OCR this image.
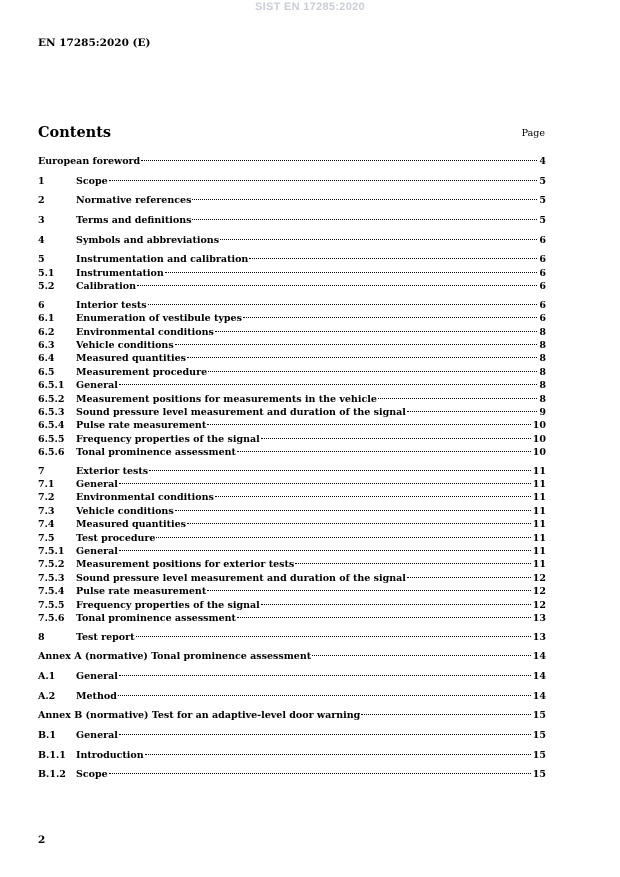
SIST EN 17285:2020
EN 17285:2020 (E)
Contents	Page
European foreword	4
1	Scope	5
2	Normative references	5
3	Terms and definitions	5
4	Symbols and abbreviations	6
5	Instrumentation and calibration	6
5.1	Instrumentation	6
5.2	Calibration	6
6	Interior tests	6
6.1	Enumeration of vestibule types	6
6.2	Environmental conditions	8
6.3	Vehicle conditions	8
6.4	Measured quantities	8
6.5	Measurement procedure	8
6.5.1	General	8
6.5.2	Measurement positions for measurements in the vehicle	8
6.5.3	Sound pressure level measurement and duration of the signal	9
6.5.4	Pulse rate measurement	10
6.5.5	Frequency properties of the signal	10
6.5.6	Tonal prominence assessment	10
7	Exterior tests	11
7.1	General	11
7.2	Environmental conditions	11
7.3	Vehicle conditions	11
7.4	Measured quantities	11
7.5	Test procedure	11
7.5.1	General	11
7.5.2	Measurement positions for exterior tests	11
7.5.3	Sound pressure level measurement and duration of the signal	12
7.5.4	Pulse rate measurement	12
7.5.5	Frequency properties of the signal	12
7.5.6	Tonal prominence assessment	13
8	Test report	13
Annex A (normative) Tonal prominence assessment	14
A.1	General	14
A.2	Method	14
Annex B (normative) Test for an adaptive-level door warning	15
B.1	General	15
B.1.1	Introduction	15
B.1.2	Scope	15
2
